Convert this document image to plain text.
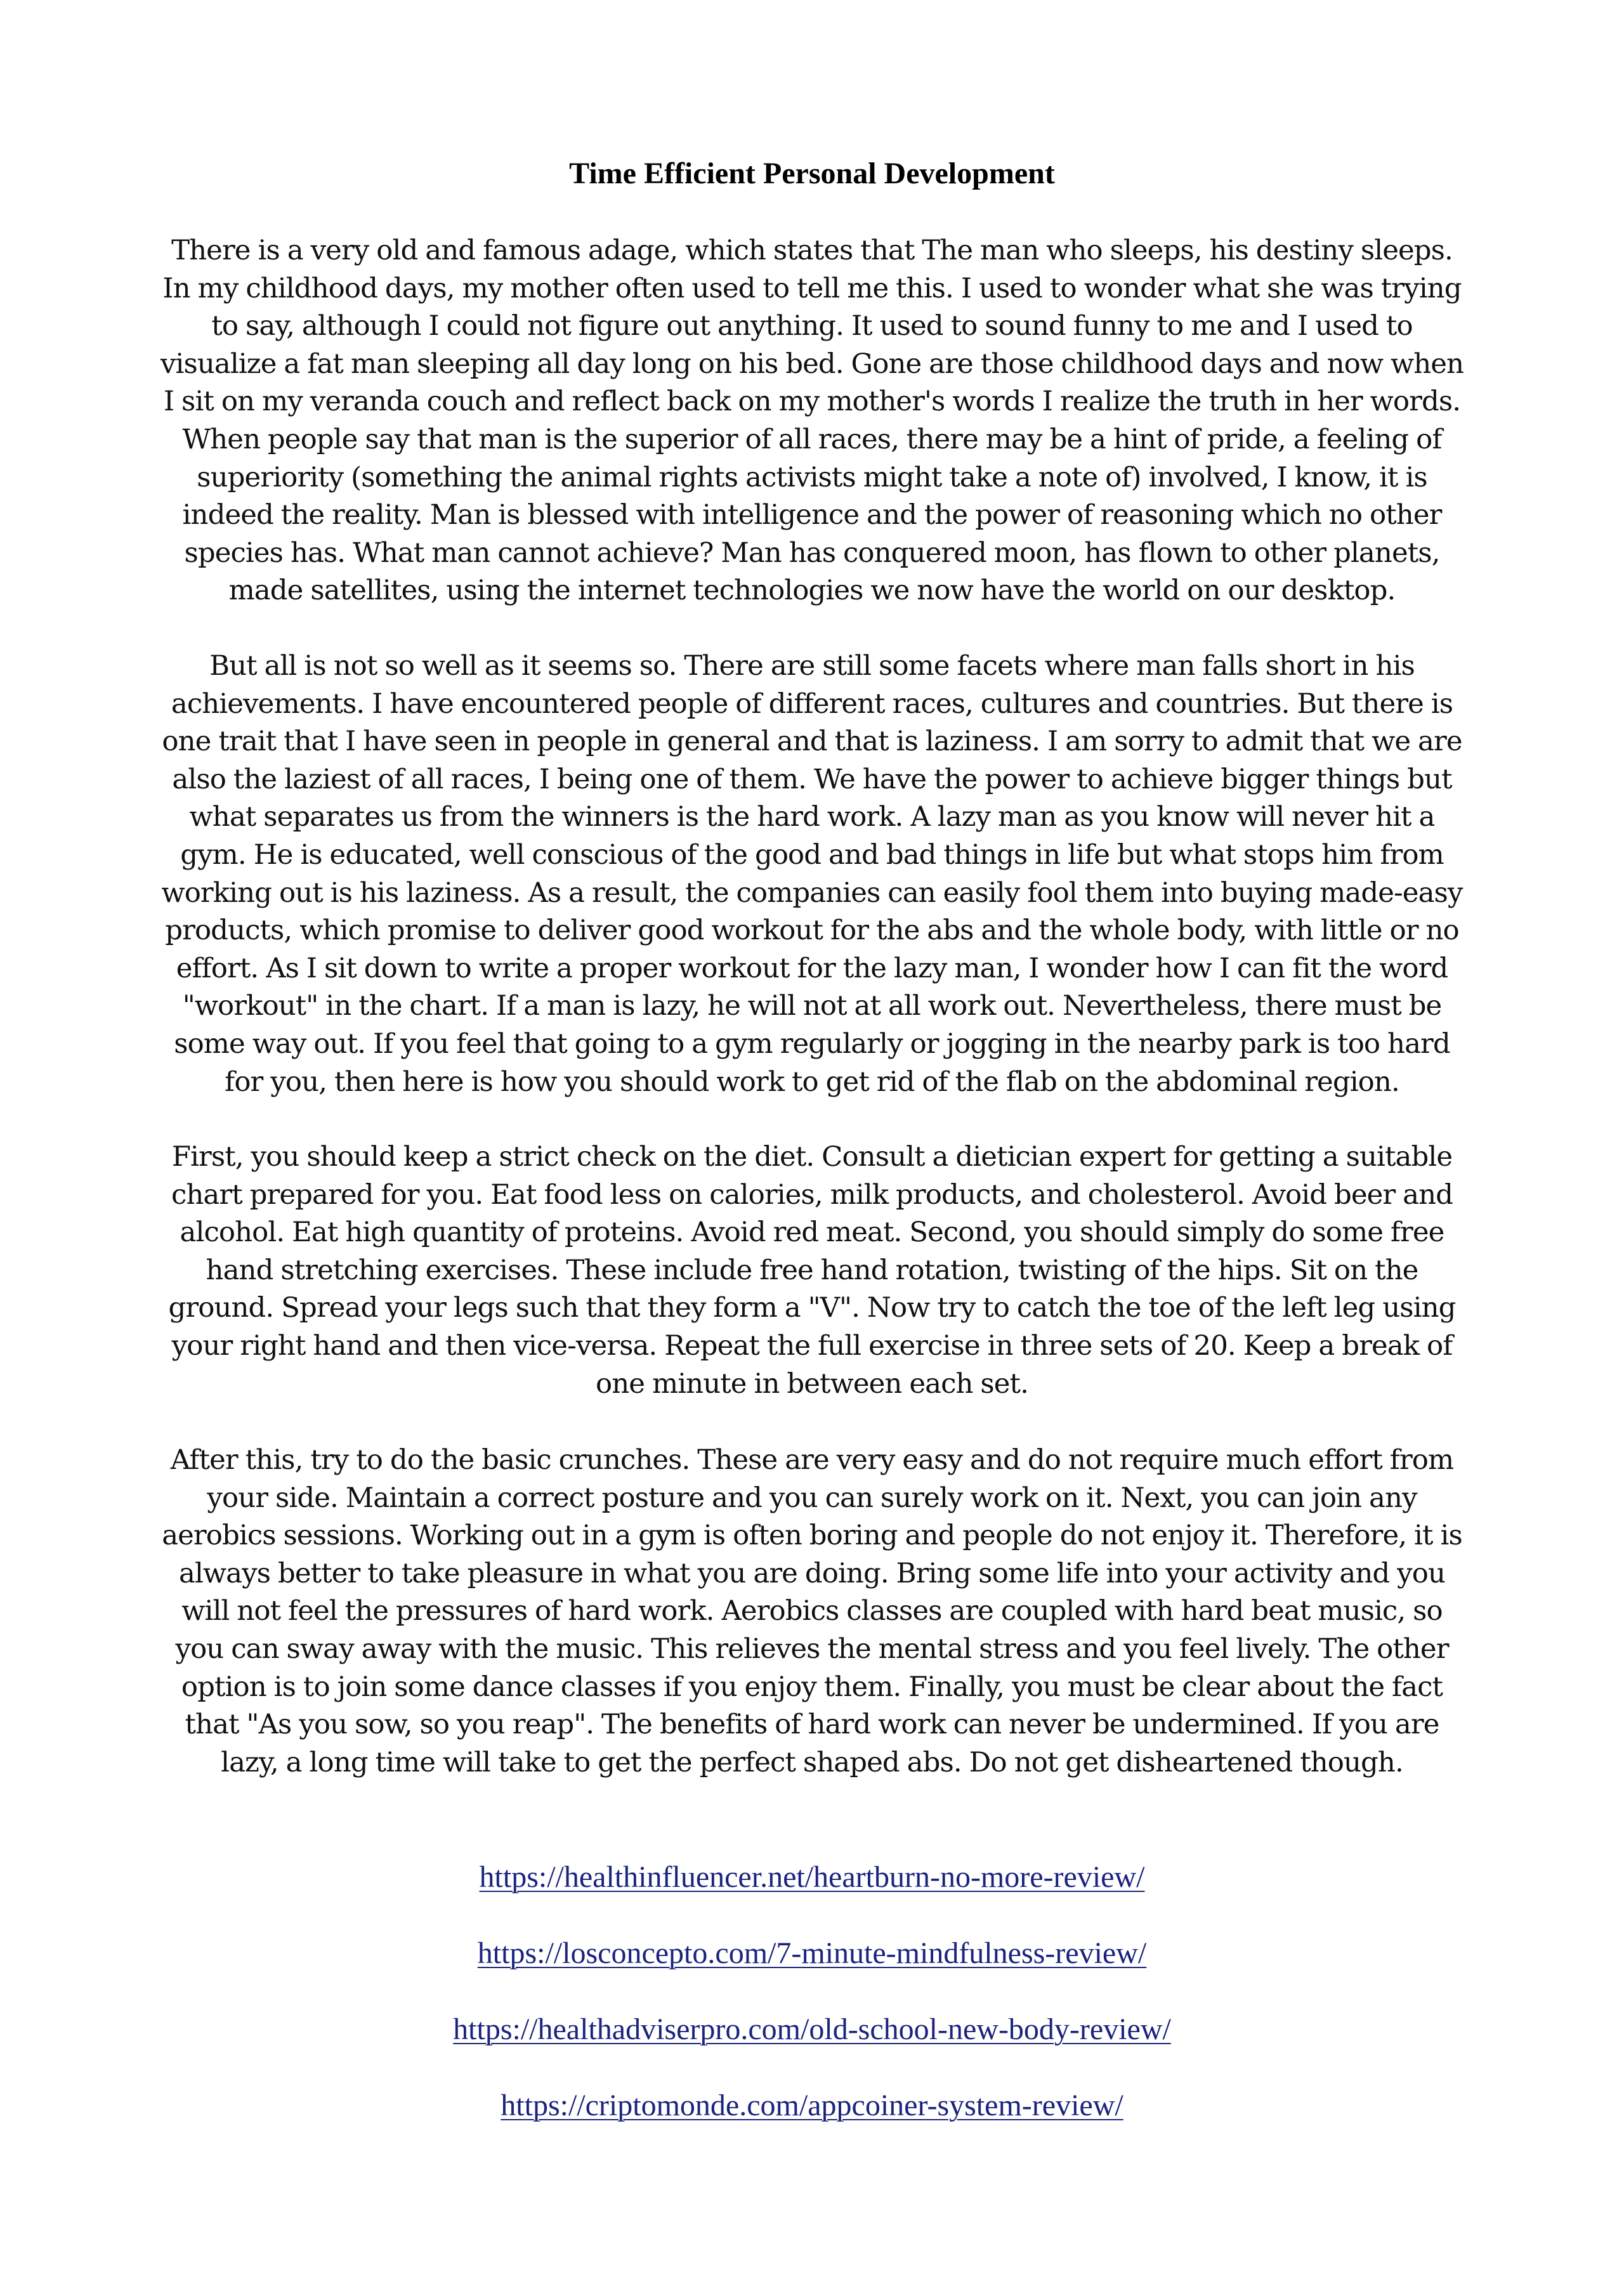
Time Efficient Personal Development

There is a very old and famous adage, which states that The man who sleeps, his destiny sleeps. In my childhood days, my mother often used to tell me this. I used to wonder what she was trying to say, although I could not figure out anything. It used to sound funny to me and I used to visualize a fat man sleeping all day long on his bed. Gone are those childhood days and now when I sit on my veranda couch and reflect back on my mother's words I realize the truth in her words. When people say that man is the superior of all races, there may be a hint of pride, a feeling of superiority (something the animal rights activists might take a note of) involved, I know, it is indeed the reality. Man is blessed with intelligence and the power of reasoning which no other species has. What man cannot achieve? Man has conquered moon, has flown to other planets, made satellites, using the internet technologies we now have the world on our desktop.

But all is not so well as it seems so. There are still some facets where man falls short in his achievements. I have encountered people of different races, cultures and countries. But there is one trait that I have seen in people in general and that is laziness. I am sorry to admit that we are also the laziest of all races, I being one of them. We have the power to achieve bigger things but what separates us from the winners is the hard work. A lazy man as you know will never hit a gym. He is educated, well conscious of the good and bad things in life but what stops him from working out is his laziness. As a result, the companies can easily fool them into buying made-easy products, which promise to deliver good workout for the abs and the whole body, with little or no effort. As I sit down to write a proper workout for the lazy man, I wonder how I can fit the word "workout" in the chart. If a man is lazy, he will not at all work out. Nevertheless, there must be some way out. If you feel that going to a gym regularly or jogging in the nearby park is too hard for you, then here is how you should work to get rid of the flab on the abdominal region.

First, you should keep a strict check on the diet. Consult a dietician expert for getting a suitable chart prepared for you. Eat food less on calories, milk products, and cholesterol. Avoid beer and alcohol. Eat high quantity of proteins. Avoid red meat. Second, you should simply do some free hand stretching exercises. These include free hand rotation, twisting of the hips. Sit on the ground. Spread your legs such that they form a "V". Now try to catch the toe of the left leg using your right hand and then vice-versa. Repeat the full exercise in three sets of 20. Keep a break of one minute in between each set.

After this, try to do the basic crunches. These are very easy and do not require much effort from your side. Maintain a correct posture and you can surely work on it. Next, you can join any aerobics sessions. Working out in a gym is often boring and people do not enjoy it. Therefore, it is always better to take pleasure in what you are doing. Bring some life into your activity and you will not feel the pressures of hard work. Aerobics classes are coupled with hard beat music, so you can sway away with the music. This relieves the mental stress and you feel lively. The other option is to join some dance classes if you enjoy them. Finally, you must be clear about the fact that "As you sow, so you reap". The benefits of hard work can never be undermined. If you are lazy, a long time will take to get the perfect shaped abs. Do not get disheartened though.

https://healthinfluencer.net/heartburn-no-more-review/
https://losconcepto.com/7-minute-mindfulness-review/
https://healthadviserpro.com/old-school-new-body-review/
https://criptomonde.com/appcoiner-system-review/
